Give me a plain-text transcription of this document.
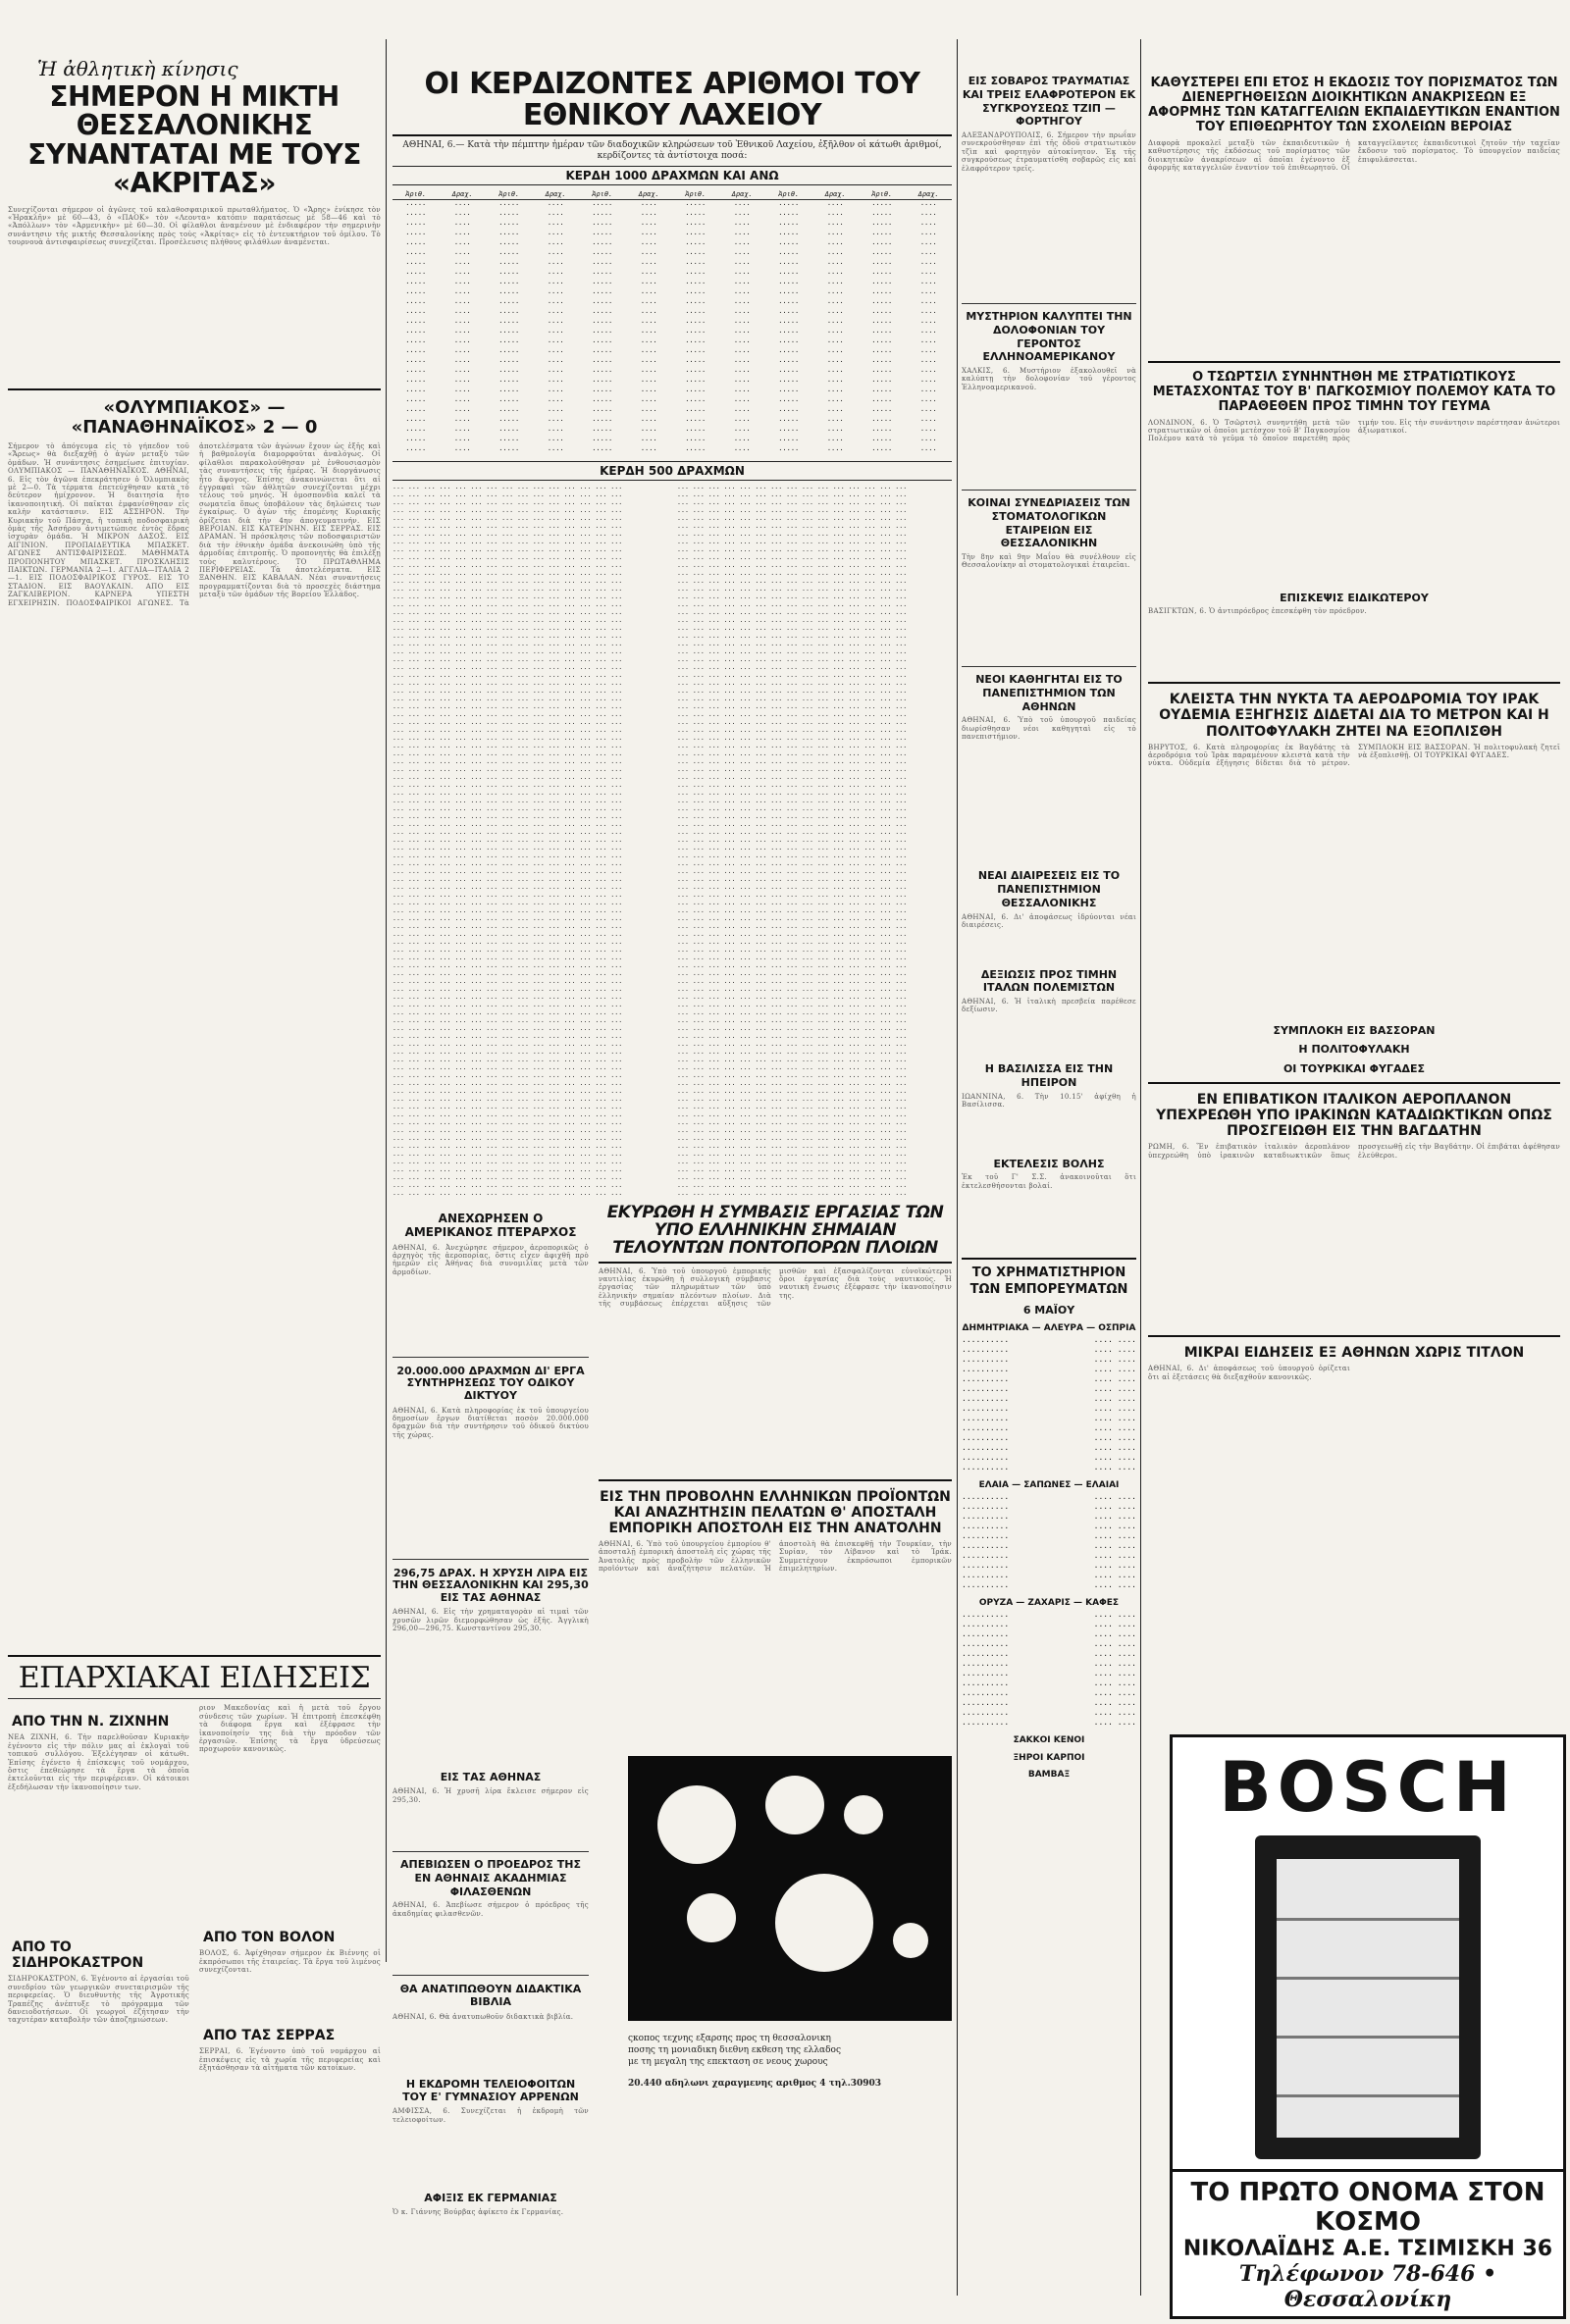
Ἡ ἀθλητικὴ κίνησις
ΣΗΜΕΡΟΝ Η ΜΙΚΤΗ ΘΕΣΣΑΛΟΝΙΚΗΣ ΣΥΝΑΝΤΑΤΑΙ ΜΕ ΤΟΥΣ «ΑΚΡΙΤΑΣ»
Συνεχίζονται σήμερον οἱ ἀγῶνες τοῦ καλαθοσφαιρικοῦ πρωταθλήματος. Ὁ «Ἄρης» ἐνίκησε τὸν «Ἡρακλῆν» μὲ 60—43, ὁ «ΠΑΟΚ» τὸν «Λεοντα» κατόπιν παρατάσεως μὲ 58—46 καὶ τὸ «Ἀπόλλων» τὸν «Ἀρμενικὴν» μὲ 60—30. Οἱ φίλαθλοι ἀναμένουν μὲ ἐνδιαφέρον τὴν σημερινὴν συνάντησιν τῆς μικτῆς Θεσσαλονίκης πρὸς τοὺς «Ἀκρίτας» εἰς τὸ ἐντευκτήριον τοῦ ὁμίλου. Τὸ τουρνουὰ ἀντισφαιρίσεως συνεχίζεται. Προσέλευσις πλήθους φιλάθλων ἀναμένεται.
«ΟΛΥΜΠΙΑΚΟΣ» — «ΠΑΝΑΘΗΝΑΪΚΟΣ» 2 — 0
Σήμερον τὸ ἀπόγευμα εἰς τὸ γήπεδον τοῦ «Ἄρεως» θὰ διεξαχθῇ ὁ ἀγὼν μεταξὺ τῶν ὁμάδων. Ἡ συνάντησις ἐσημείωσε ἐπιτυχίαν. ΟΛΥΜΠΙΑΚΟΣ — ΠΑΝΑΘΗΝΑΪΚΟΣ. ΑΘΗΝΑΙ, 6. Εἰς τὸν ἀγῶνα ἐπεκράτησεν ὁ Ὀλυμπιακὸς μὲ 2—0. Τὰ τέρματα ἐπετεύχθησαν κατὰ τὸ δεύτερον ἡμίχρονον. Ἡ διαιτησία ἦτο ἱκανοποιητική. Οἱ παῖκται ἐμφανίσθησαν εἰς καλὴν κατάστασιν. ΕΙΣ ΑΣΣΗΡΟΝ. Τὴν Κυριακὴν τοῦ Πάσχα, ἡ τοπικὴ ποδοσφαιρικὴ ὁμὰς τῆς Ἀσσήρου ἀντιμετώπισε ἐντὸς ἕδρας ἰσχυρὰν ὁμάδα. Ἡ ΜΙΚΡΟΝ ΔΑΣΟΣ. ΕΙΣ ΑΙΓΙΝΙΟΝ. ΠΡΟΠΑΙΔΕΥΤΙΚΑ ΜΠΑΣΚΕΤ. ΑΓΩΝΕΣ ΑΝΤΙΣΦΑΙΡΙΣΕΩΣ. ΜΑΘΗΜΑΤΑ ΠΡΟΠΟΝΗΤΟΥ ΜΠΑΣΚΕΤ. ΠΡΟΣΚΛΗΣΙΣ ΠΑΙΚΤΩΝ. ΓΕΡΜΑΝΙΑ 2—1. ΑΓΓΛΙΑ—ΙΤΑΛΙΑ 2—1. ΕΙΣ ΠΟΔΟΣΦΑΙΡΙΚΟΣ ΓΥΡΟΣ. ΕΙΣ ΤΟ ΣΤΑΔΙΟΝ. ΕΙΣ ΒΑΟΥΛΚΛΙΝ. ΑΠΟ ΕΙΣ ΖΑΓΚΛΙΒΕΡΙΟΝ. ΚΑΡΝΕΡΑ ΥΠΕΣΤΗ ΕΓΧΕΙΡΗΣΙΝ. ΠΟΔΟΣΦΑΙΡΙΚΟΙ ΑΓΩΝΕΣ. Τὰ ἀποτελέσματα τῶν ἀγώνων ἔχουν ὡς ἑξῆς καὶ ἡ βαθμολογία διαμορφοῦται ἀναλόγως. Οἱ φίλαθλοι παρακολούθησαν μὲ ἐνθουσιασμὸν τὰς συναντήσεις τῆς ἡμέρας. Ἡ διοργάνωσις ἦτο ἄψογος. Ἐπίσης ἀνακοινώνεται ὅτι αἱ ἐγγραφαὶ τῶν ἀθλητῶν συνεχίζονται μέχρι τέλους τοῦ μηνός. Ἡ ὁμοσπονδία καλεῖ τὰ σωματεῖα ὅπως ὑποβάλουν τὰς δηλώσεις των ἐγκαίρως. Ὁ ἀγὼν τῆς ἐπομένης Κυριακῆς ὁρίζεται διὰ τὴν 4ην ἀπογευματινήν. ΕΙΣ ΒΕΡΟΙΑΝ. ΕΙΣ ΚΑΤΕΡΙΝΗΝ. ΕΙΣ ΣΕΡΡΑΣ. ΕΙΣ ΔΡΑΜΑΝ. Ἡ πρόσκλησις τῶν ποδοσφαιριστῶν διὰ τὴν ἐθνικὴν ὁμάδα ἀνεκοινώθη ὑπὸ τῆς ἁρμοδίας ἐπιτροπῆς. Ὁ προπονητὴς θὰ ἐπιλέξῃ τοὺς καλυτέρους. ΤΟ ΠΡΩΤΑΘΛΗΜΑ ΠΕΡΙΦΕΡΕΙΑΣ. Τὰ ἀποτελέσματα. ΕΙΣ ΞΑΝΘΗΝ. ΕΙΣ ΚΑΒΑΛΑΝ. Νέαι συναντήσεις προγραμματίζονται διὰ τὸ προσεχὲς διάστημα μεταξὺ τῶν ὁμάδων τῆς Βορείου Ἑλλάδος.
ΕΠΑΡΧΙΑΚΑΙ ΕΙΔΗΣΕΙΣ
ΑΠΟ ΤΗΝ Ν. ΖΙΧΝΗΝ
ΝΕΑ ΖΙΧΝΗ, 6. Τὴν παρελθοῦσαν Κυριακὴν ἐγένοντο εἰς τὴν πόλιν μας αἱ ἐκλογαὶ τοῦ τοπικοῦ συλλόγου. Ἐξελέγησαν οἱ κάτωθι. Ἐπίσης ἐγένετο ἡ ἐπίσκεψις τοῦ νομάρχου, ὅστις ἐπεθεώρησε τὰ ἔργα τὰ ὁποῖα ἐκτελοῦνται εἰς τὴν περιφέρειαν. Οἱ κάτοικοι ἐξεδήλωσαν τὴν ἱκανοποίησιν των.
ΑΠΟ ΤΟ ΣΙΔΗΡΟΚΑΣΤΡΟΝ
ΣΙΔΗΡΟΚΑΣΤΡΟΝ, 6. Ἐγένοντο αἱ ἐργασίαι τοῦ συνεδρίου τῶν γεωργικῶν συνεταιρισμῶν τῆς περιφερείας. Ὁ διευθυντὴς τῆς Ἀγροτικῆς Τραπέζης ἀνέπτυξε τὸ πρόγραμμα τῶν δανειοδοτήσεων. Οἱ γεωργοὶ ἐζήτησαν τὴν ταχυτέραν καταβολὴν τῶν ἀποζημιώσεων.
ριον Μακεδονίας καὶ ἡ μετὰ τοῦ ἔργου σύνδεσις τῶν χωρίων. Ἡ ἐπιτροπὴ ἐπεσκέφθη τὰ διάφορα ἔργα καὶ ἐξέφρασε τὴν ἱκανοποίησίν της διὰ τὴν πρόοδον τῶν ἐργασιῶν. Ἐπίσης τὰ ἔργα ὑδρεύσεως προχωροῦν κανονικῶς.
ΑΠΟ ΤΟΝ ΒΟΛΟΝ
ΒΟΛΟΣ, 6. Ἀφίχθησαν σήμερον ἐκ Βιέννης οἱ ἐκπρόσωποι τῆς ἑταιρείας. Τὰ ἔργα τοῦ λιμένος συνεχίζονται.
ΑΠΟ ΤΑΣ ΣΕΡΡΑΣ
ΣΕΡΡΑΙ, 6. Ἐγένοντο ὑπὸ τοῦ νομάρχου αἱ ἐπισκέψεις εἰς τὰ χωρία τῆς περιφερείας καὶ ἐξητάσθησαν τὰ αἰτήματα τῶν κατοίκων.
ΟΙ ΚΕΡΔΙΖΟΝΤΕΣ ΑΡΙΘΜΟΙ ΤΟΥ ΕΘΝΙΚΟΥ ΛΑΧΕΙΟΥ
ΑΘΗΝΑΙ, 6.— Κατὰ τὴν πέμπτην ἡμέραν τῶν διαδοχικῶν κληρώσεων τοῦ Ἐθνικοῦ Λαχείου, ἐξῆλθον οἱ κάτωθι ἀριθμοί, κερδίζοντες τὰ ἀντίστοιχα ποσά:
ΚΕΡΔΗ 1000 ΔΡΑΧΜΩΝ ΚΑΙ ΑΝΩ
Ἀριθ.	Δραχ.	Ἀριθ.	Δραχ.	Ἀριθ.	Δραχ.	Ἀριθ.	Δραχ.	Ἀριθ.	Δραχ.	Ἀριθ.	Δραχ.
·····	····	·····	····	·····	····	·····	····	·····	····	·····	····
·····	····	·····	····	·····	····	·····	····	·····	····	·····	····
·····	····	·····	····	·····	····	·····	····	·····	····	·····	····
·····	····	·····	····	·····	····	·····	····	·····	····	·····	····
·····	····	·····	····	·····	····	·····	····	·····	····	·····	····
·····	····	·····	····	·····	····	·····	····	·····	····	·····	····
·····	····	·····	····	·····	····	·····	····	·····	····	·····	····
·····	····	·····	····	·····	····	·····	····	·····	····	·····	····
·····	····	·····	····	·····	····	·····	····	·····	····	·····	····
·····	····	·····	····	·····	····	·····	····	·····	····	·····	····
·····	····	·····	····	·····	····	·····	····	·····	····	·····	····
·····	····	·····	····	·····	····	·····	····	·····	····	·····	····
·····	····	·····	····	·····	····	·····	····	·····	····	·····	····
·····	····	·····	····	·····	····	·····	····	·····	····	·····	····
·····	····	·····	····	·····	····	·····	····	·····	····	·····	····
·····	····	·····	····	·····	····	·····	····	·····	····	·····	····
·····	····	·····	····	·····	····	·····	····	·····	····	·····	····
·····	····	·····	····	·····	····	·····	····	·····	····	·····	····
·····	····	·····	····	·····	····	·····	····	·····	····	·····	····
·····	····	·····	····	·····	····	·····	····	·····	····	·····	····
·····	····	·····	····	·····	····	·····	····	·····	····	·····	····
·····	····	·····	····	·····	····	·····	····	·····	····	·····	····
·····	····	·····	····	·····	····	·····	····	·····	····	·····	····
·····	····	·····	····	·····	····	·····	····	·····	····	·····	····
·····	····	·····	····	·····	····	·····	····	·····	····	·····	····
·····	····	·····	····	·····	····	·····	····	·····	····	·····	····
ΚΕΡΔΗ 500 ΔΡΑΧΜΩΝ
··· ··· ··· ··· ··· ··· ··· ··· ··· ··· ··· ··· ··· ··· ···
··· ··· ··· ··· ··· ··· ··· ··· ··· ··· ··· ··· ··· ··· ···
··· ··· ··· ··· ··· ··· ··· ··· ··· ··· ··· ··· ··· ··· ···
··· ··· ··· ··· ··· ··· ··· ··· ··· ··· ··· ··· ··· ··· ···
··· ··· ··· ··· ··· ··· ··· ··· ··· ··· ··· ··· ··· ··· ···
··· ··· ··· ··· ··· ··· ··· ··· ··· ··· ··· ··· ··· ··· ···
··· ··· ··· ··· ··· ··· ··· ··· ··· ··· ··· ··· ··· ··· ···
··· ··· ··· ··· ··· ··· ··· ··· ··· ··· ··· ··· ··· ··· ···
··· ··· ··· ··· ··· ··· ··· ··· ··· ··· ··· ··· ··· ··· ···
··· ··· ··· ··· ··· ··· ··· ··· ··· ··· ··· ··· ··· ··· ···
··· ··· ··· ··· ··· ··· ··· ··· ··· ··· ··· ··· ··· ··· ···
··· ··· ··· ··· ··· ··· ··· ··· ··· ··· ··· ··· ··· ··· ···
··· ··· ··· ··· ··· ··· ··· ··· ··· ··· ··· ··· ··· ··· ···
··· ··· ··· ··· ··· ··· ··· ··· ··· ··· ··· ··· ··· ··· ···
··· ··· ··· ··· ··· ··· ··· ··· ··· ··· ··· ··· ··· ··· ···
··· ··· ··· ··· ··· ··· ··· ··· ··· ··· ··· ··· ··· ··· ···
··· ··· ··· ··· ··· ··· ··· ··· ··· ··· ··· ··· ··· ··· ···
··· ··· ··· ··· ··· ··· ··· ··· ··· ··· ··· ··· ··· ··· ···
··· ··· ··· ··· ··· ··· ··· ··· ··· ··· ··· ··· ··· ··· ···
··· ··· ··· ··· ··· ··· ··· ··· ··· ··· ··· ··· ··· ··· ···
··· ··· ··· ··· ··· ··· ··· ··· ··· ··· ··· ··· ··· ··· ···
··· ··· ··· ··· ··· ··· ··· ··· ··· ··· ··· ··· ··· ··· ···
··· ··· ··· ··· ··· ··· ··· ··· ··· ··· ··· ··· ··· ··· ···
··· ··· ··· ··· ··· ··· ··· ··· ··· ··· ··· ··· ··· ··· ···
··· ··· ··· ··· ··· ··· ··· ··· ··· ··· ··· ··· ··· ··· ···
··· ··· ··· ··· ··· ··· ··· ··· ··· ··· ··· ··· ··· ··· ···
··· ··· ··· ··· ··· ··· ··· ··· ··· ··· ··· ··· ··· ··· ···
··· ··· ··· ··· ··· ··· ··· ··· ··· ··· ··· ··· ··· ··· ···
··· ··· ··· ··· ··· ··· ··· ··· ··· ··· ··· ··· ··· ··· ···
··· ··· ··· ··· ··· ··· ··· ··· ··· ··· ··· ··· ··· ··· ···
··· ··· ··· ··· ··· ··· ··· ··· ··· ··· ··· ··· ··· ··· ···
··· ··· ··· ··· ··· ··· ··· ··· ··· ··· ··· ··· ··· ··· ···
··· ··· ··· ··· ··· ··· ··· ··· ··· ··· ··· ··· ··· ··· ···
··· ··· ··· ··· ··· ··· ··· ··· ··· ··· ··· ··· ··· ··· ···
··· ··· ··· ··· ··· ··· ··· ··· ··· ··· ··· ··· ··· ··· ···
··· ··· ··· ··· ··· ··· ··· ··· ··· ··· ··· ··· ··· ··· ···
··· ··· ··· ··· ··· ··· ··· ··· ··· ··· ··· ··· ··· ··· ···
··· ··· ··· ··· ··· ··· ··· ··· ··· ··· ··· ··· ··· ··· ···
··· ··· ··· ··· ··· ··· ··· ··· ··· ··· ··· ··· ··· ··· ···
··· ··· ··· ··· ··· ··· ··· ··· ··· ··· ··· ··· ··· ··· ···
··· ··· ··· ··· ··· ··· ··· ··· ··· ··· ··· ··· ··· ··· ···
··· ··· ··· ··· ··· ··· ··· ··· ··· ··· ··· ··· ··· ··· ···
··· ··· ··· ··· ··· ··· ··· ··· ··· ··· ··· ··· ··· ··· ···
··· ··· ··· ··· ··· ··· ··· ··· ··· ··· ··· ··· ··· ··· ···
··· ··· ··· ··· ··· ··· ··· ··· ··· ··· ··· ··· ··· ··· ···
··· ··· ··· ··· ··· ··· ··· ··· ··· ··· ··· ··· ··· ··· ···
··· ··· ··· ··· ··· ··· ··· ··· ··· ··· ··· ··· ··· ··· ···
··· ··· ··· ··· ··· ··· ··· ··· ··· ··· ··· ··· ··· ··· ···
··· ··· ··· ··· ··· ··· ··· ··· ··· ··· ··· ··· ··· ··· ···
··· ··· ··· ··· ··· ··· ··· ··· ··· ··· ··· ··· ··· ··· ···
··· ··· ··· ··· ··· ··· ··· ··· ··· ··· ··· ··· ··· ··· ···
··· ··· ··· ··· ··· ··· ··· ··· ··· ··· ··· ··· ··· ··· ···
··· ··· ··· ··· ··· ··· ··· ··· ··· ··· ··· ··· ··· ··· ···
··· ··· ··· ··· ··· ··· ··· ··· ··· ··· ··· ··· ··· ··· ···
··· ··· ··· ··· ··· ··· ··· ··· ··· ··· ··· ··· ··· ··· ···
··· ··· ··· ··· ··· ··· ··· ··· ··· ··· ··· ··· ··· ··· ···
··· ··· ··· ··· ··· ··· ··· ··· ··· ··· ··· ··· ··· ··· ···
··· ··· ··· ··· ··· ··· ··· ··· ··· ··· ··· ··· ··· ··· ···
··· ··· ··· ··· ··· ··· ··· ··· ··· ··· ··· ··· ··· ··· ···
··· ··· ··· ··· ··· ··· ··· ··· ··· ··· ··· ··· ··· ··· ···
··· ··· ··· ··· ··· ··· ··· ··· ··· ··· ··· ··· ··· ··· ···
··· ··· ··· ··· ··· ··· ··· ··· ··· ··· ··· ··· ··· ··· ···
··· ··· ··· ··· ··· ··· ··· ··· ··· ··· ··· ··· ··· ··· ···
··· ··· ··· ··· ··· ··· ··· ··· ··· ··· ··· ··· ··· ··· ···
··· ··· ··· ··· ··· ··· ··· ··· ··· ··· ··· ··· ··· ··· ···
··· ··· ··· ··· ··· ··· ··· ··· ··· ··· ··· ··· ··· ··· ···
··· ··· ··· ··· ··· ··· ··· ··· ··· ··· ··· ··· ··· ··· ···
··· ··· ··· ··· ··· ··· ··· ··· ··· ··· ··· ··· ··· ··· ···
··· ··· ··· ··· ··· ··· ··· ··· ··· ··· ··· ··· ··· ··· ···
··· ··· ··· ··· ··· ··· ··· ··· ··· ··· ··· ··· ··· ··· ···
··· ··· ··· ··· ··· ··· ··· ··· ··· ··· ··· ··· ··· ··· ···
··· ··· ··· ··· ··· ··· ··· ··· ··· ··· ··· ··· ··· ··· ···
··· ··· ··· ··· ··· ··· ··· ··· ··· ··· ··· ··· ··· ··· ···
··· ··· ··· ··· ··· ··· ··· ··· ··· ··· ··· ··· ··· ··· ···
··· ··· ··· ··· ··· ··· ··· ··· ··· ··· ··· ··· ··· ··· ···
··· ··· ··· ··· ··· ··· ··· ··· ··· ··· ··· ··· ··· ··· ···
··· ··· ··· ··· ··· ··· ··· ··· ··· ··· ··· ··· ··· ··· ···
··· ··· ··· ··· ··· ··· ··· ··· ··· ··· ··· ··· ··· ··· ···
··· ··· ··· ··· ··· ··· ··· ··· ··· ··· ··· ··· ··· ··· ···
··· ··· ··· ··· ··· ··· ··· ··· ··· ··· ··· ··· ··· ··· ···
··· ··· ··· ··· ··· ··· ··· ··· ··· ··· ··· ··· ··· ··· ···
··· ··· ··· ··· ··· ··· ··· ··· ··· ··· ··· ··· ··· ··· ···
··· ··· ··· ··· ··· ··· ··· ··· ··· ··· ··· ··· ··· ··· ···
··· ··· ··· ··· ··· ··· ··· ··· ··· ··· ··· ··· ··· ··· ···
··· ··· ··· ··· ··· ··· ··· ··· ··· ··· ··· ··· ··· ··· ···
··· ··· ··· ··· ··· ··· ··· ··· ··· ··· ··· ··· ··· ··· ···
··· ··· ··· ··· ··· ··· ··· ··· ··· ··· ··· ··· ··· ··· ···
··· ··· ··· ··· ··· ··· ··· ··· ··· ··· ··· ··· ··· ··· ···
··· ··· ··· ··· ··· ··· ··· ··· ··· ··· ··· ··· ··· ··· ···
··· ··· ··· ··· ··· ··· ··· ··· ··· ··· ··· ··· ··· ··· ···
··· ··· ··· ··· ··· ··· ··· ··· ··· ··· ··· ··· ··· ··· ···

··· ··· ··· ··· ··· ··· ··· ··· ··· ··· ··· ··· ··· ··· ···
··· ··· ··· ··· ··· ··· ··· ··· ··· ··· ··· ··· ··· ··· ···
··· ··· ··· ··· ··· ··· ··· ··· ··· ··· ··· ··· ··· ··· ···
··· ··· ··· ··· ··· ··· ··· ··· ··· ··· ··· ··· ··· ··· ···
··· ··· ··· ··· ··· ··· ··· ··· ··· ··· ··· ··· ··· ··· ···
··· ··· ··· ··· ··· ··· ··· ··· ··· ··· ··· ··· ··· ··· ···
··· ··· ··· ··· ··· ··· ··· ··· ··· ··· ··· ··· ··· ··· ···
··· ··· ··· ··· ··· ··· ··· ··· ··· ··· ··· ··· ··· ··· ···
··· ··· ··· ··· ··· ··· ··· ··· ··· ··· ··· ··· ··· ··· ···
··· ··· ··· ··· ··· ··· ··· ··· ··· ··· ··· ··· ··· ··· ···
··· ··· ··· ··· ··· ··· ··· ··· ··· ··· ··· ··· ··· ··· ···
··· ··· ··· ··· ··· ··· ··· ··· ··· ··· ··· ··· ··· ··· ···
··· ··· ··· ··· ··· ··· ··· ··· ··· ··· ··· ··· ··· ··· ···
··· ··· ··· ··· ··· ··· ··· ··· ··· ··· ··· ··· ··· ··· ···
··· ··· ··· ··· ··· ··· ··· ··· ··· ··· ··· ··· ··· ··· ···
··· ··· ··· ··· ··· ··· ··· ··· ··· ··· ··· ··· ··· ··· ···
··· ··· ··· ··· ··· ··· ··· ··· ··· ··· ··· ··· ··· ··· ···
··· ··· ··· ··· ··· ··· ··· ··· ··· ··· ··· ··· ··· ··· ···
··· ··· ··· ··· ··· ··· ··· ··· ··· ··· ··· ··· ··· ··· ···
··· ··· ··· ··· ··· ··· ··· ··· ··· ··· ··· ··· ··· ··· ···
··· ··· ··· ··· ··· ··· ··· ··· ··· ··· ··· ··· ··· ··· ···
··· ··· ··· ··· ··· ··· ··· ··· ··· ··· ··· ··· ··· ··· ···
··· ··· ··· ··· ··· ··· ··· ··· ··· ··· ··· ··· ··· ··· ···
··· ··· ··· ··· ··· ··· ··· ··· ··· ··· ··· ··· ··· ··· ···
··· ··· ··· ··· ··· ··· ··· ··· ··· ··· ··· ··· ··· ··· ···
··· ··· ··· ··· ··· ··· ··· ··· ··· ··· ··· ··· ··· ··· ···
··· ··· ··· ··· ··· ··· ··· ··· ··· ··· ··· ··· ··· ··· ···
··· ··· ··· ··· ··· ··· ··· ··· ··· ··· ··· ··· ··· ··· ···
··· ··· ··· ··· ··· ··· ··· ··· ··· ··· ··· ··· ··· ··· ···
··· ··· ··· ··· ··· ··· ··· ··· ··· ··· ··· ··· ··· ··· ···
··· ··· ··· ··· ··· ··· ··· ··· ··· ··· ··· ··· ··· ··· ···
··· ··· ··· ··· ··· ··· ··· ··· ··· ··· ··· ··· ··· ··· ···
··· ··· ··· ··· ··· ··· ··· ··· ··· ··· ··· ··· ··· ··· ···
··· ··· ··· ··· ··· ··· ··· ··· ··· ··· ··· ··· ··· ··· ···
··· ··· ··· ··· ··· ··· ··· ··· ··· ··· ··· ··· ··· ··· ···
··· ··· ··· ··· ··· ··· ··· ··· ··· ··· ··· ··· ··· ··· ···
··· ··· ··· ··· ··· ··· ··· ··· ··· ··· ··· ··· ··· ··· ···
··· ··· ··· ··· ··· ··· ··· ··· ··· ··· ··· ··· ··· ··· ···
··· ··· ··· ··· ··· ··· ··· ··· ··· ··· ··· ··· ··· ··· ···
··· ··· ··· ··· ··· ··· ··· ··· ··· ··· ··· ··· ··· ··· ···
··· ··· ··· ··· ··· ··· ··· ··· ··· ··· ··· ··· ··· ··· ···
··· ··· ··· ··· ··· ··· ··· ··· ··· ··· ··· ··· ··· ··· ···
··· ··· ··· ··· ··· ··· ··· ··· ··· ··· ··· ··· ··· ··· ···
··· ··· ··· ··· ··· ··· ··· ··· ··· ··· ··· ··· ··· ··· ···
··· ··· ··· ··· ··· ··· ··· ··· ··· ··· ··· ··· ··· ··· ···
··· ··· ··· ··· ··· ··· ··· ··· ··· ··· ··· ··· ··· ··· ···
··· ··· ··· ··· ··· ··· ··· ··· ··· ··· ··· ··· ··· ··· ···
··· ··· ··· ··· ··· ··· ··· ··· ··· ··· ··· ··· ··· ··· ···
··· ··· ··· ··· ··· ··· ··· ··· ··· ··· ··· ··· ··· ··· ···
··· ··· ··· ··· ··· ··· ··· ··· ··· ··· ··· ··· ··· ··· ···
··· ··· ··· ··· ··· ··· ··· ··· ··· ··· ··· ··· ··· ··· ···
··· ··· ··· ··· ··· ··· ··· ··· ··· ··· ··· ··· ··· ··· ···
··· ··· ··· ··· ··· ··· ··· ··· ··· ··· ··· ··· ··· ··· ···
··· ··· ··· ··· ··· ··· ··· ··· ··· ··· ··· ··· ··· ··· ···
··· ··· ··· ··· ··· ··· ··· ··· ··· ··· ··· ··· ··· ··· ···
··· ··· ··· ··· ··· ··· ··· ··· ··· ··· ··· ··· ··· ··· ···
··· ··· ··· ··· ··· ··· ··· ··· ··· ··· ··· ··· ··· ··· ···
··· ··· ··· ··· ··· ··· ··· ··· ··· ··· ··· ··· ··· ··· ···
··· ··· ··· ··· ··· ··· ··· ··· ··· ··· ··· ··· ··· ··· ···
··· ··· ··· ··· ··· ··· ··· ··· ··· ··· ··· ··· ··· ··· ···
··· ··· ··· ··· ··· ··· ··· ··· ··· ··· ··· ··· ··· ··· ···
··· ··· ··· ··· ··· ··· ··· ··· ··· ··· ··· ··· ··· ··· ···
··· ··· ··· ··· ··· ··· ··· ··· ··· ··· ··· ··· ··· ··· ···
··· ··· ··· ··· ··· ··· ··· ··· ··· ··· ··· ··· ··· ··· ···
··· ··· ··· ··· ··· ··· ··· ··· ··· ··· ··· ··· ··· ··· ···
··· ··· ··· ··· ··· ··· ··· ··· ··· ··· ··· ··· ··· ··· ···
··· ··· ··· ··· ··· ··· ··· ··· ··· ··· ··· ··· ··· ··· ···
··· ··· ··· ··· ··· ··· ··· ··· ··· ··· ··· ··· ··· ··· ···
··· ··· ··· ··· ··· ··· ··· ··· ··· ··· ··· ··· ··· ··· ···
··· ··· ··· ··· ··· ··· ··· ··· ··· ··· ··· ··· ··· ··· ···
··· ··· ··· ··· ··· ··· ··· ··· ··· ··· ··· ··· ··· ··· ···
··· ··· ··· ··· ··· ··· ··· ··· ··· ··· ··· ··· ··· ··· ···
··· ··· ··· ··· ··· ··· ··· ··· ··· ··· ··· ··· ··· ··· ···
··· ··· ··· ··· ··· ··· ··· ··· ··· ··· ··· ··· ··· ··· ···
··· ··· ··· ··· ··· ··· ··· ··· ··· ··· ··· ··· ··· ··· ···
··· ··· ··· ··· ··· ··· ··· ··· ··· ··· ··· ··· ··· ··· ···
··· ··· ··· ··· ··· ··· ··· ··· ··· ··· ··· ··· ··· ··· ···
··· ··· ··· ··· ··· ··· ··· ··· ··· ··· ··· ··· ··· ··· ···
··· ··· ··· ··· ··· ··· ··· ··· ··· ··· ··· ··· ··· ··· ···
··· ··· ··· ··· ··· ··· ··· ··· ··· ··· ··· ··· ··· ··· ···
··· ··· ··· ··· ··· ··· ··· ··· ··· ··· ··· ··· ··· ··· ···
··· ··· ··· ··· ··· ··· ··· ··· ··· ··· ··· ··· ··· ··· ···
··· ··· ··· ··· ··· ··· ··· ··· ··· ··· ··· ··· ··· ··· ···
··· ··· ··· ··· ··· ··· ··· ··· ··· ··· ··· ··· ··· ··· ···
··· ··· ··· ··· ··· ··· ··· ··· ··· ··· ··· ··· ··· ··· ···
··· ··· ··· ··· ··· ··· ··· ··· ··· ··· ··· ··· ··· ··· ···
··· ··· ··· ··· ··· ··· ··· ··· ··· ··· ··· ··· ··· ··· ···
··· ··· ··· ··· ··· ··· ··· ··· ··· ··· ··· ··· ··· ··· ···
··· ··· ··· ··· ··· ··· ··· ··· ··· ··· ··· ··· ··· ··· ···
··· ··· ··· ··· ··· ··· ··· ··· ··· ··· ··· ··· ··· ··· ···
··· ··· ··· ··· ··· ··· ··· ··· ··· ··· ··· ··· ··· ··· ···

ΑΝΕΧΩΡΗΣΕΝ Ο ΑΜΕΡΙΚΑΝΟΣ ΠΤΕΡΑΡΧΟΣ
ΑΘΗΝΑΙ, 6. Ἀνεχώρησε σήμερον ἀεροπορικῶς ὁ ἀρχηγὸς τῆς ἀεροπορίας, ὅστις εἶχεν ἀφιχθῆ πρὸ ἡμερῶν εἰς Ἀθήνας διὰ συνομιλίας μετὰ τῶν ἁρμοδίων.
20.000.000 ΔΡΑΧΜΩΝ ΔΙ' ΕΡΓΑ ΣΥΝΤΗΡΗΣΕΩΣ ΤΟΥ ΟΔΙΚΟΥ ΔΙΚΤΥΟΥ
ΑΘΗΝΑΙ, 6. Κατὰ πληροφορίας ἐκ τοῦ ὑπουργείου δημοσίων ἔργων διατίθεται ποσὸν 20.000.000 δραχμῶν διὰ τὴν συντήρησιν τοῦ ὁδικοῦ δικτύου τῆς χώρας.
296,75 ΔΡΑΧ. Η ΧΡΥΣΗ ΛΙΡΑ ΕΙΣ ΤΗΝ ΘΕΣΣΑΛΟΝΙΚΗΝ ΚΑΙ 295,30 ΕΙΣ ΤΑΣ ΑΘΗΝΑΣ
ΑΘΗΝΑΙ, 6. Εἰς τὴν χρηματαγορὰν αἱ τιμαὶ τῶν χρυσῶν λιρῶν διεμορφώθησαν ὡς ἑξῆς. Ἀγγλικὴ 296,00—296,75. Κωνσταντίνου 295,30.
ΕΙΣ ΤΑΣ ΑΘΗΝΑΣ
ΑΘΗΝΑΙ, 6. Ἡ χρυσῆ λίρα ἔκλεισε σήμερον εἰς 295,30.
ΑΠΕΒΙΩΣΕΝ Ο ΠΡΟΕΔΡΟΣ ΤΗΣ ΕΝ ΑΘΗΝΑΙΣ ΑΚΑΔΗΜΙΑΣ ΦΙΛΑΣΘΕΝΩΝ
ΑΘΗΝΑΙ, 6. Ἀπεβίωσε σήμερον ὁ πρόεδρος τῆς ἀκαδημίας φιλασθενῶν.
ΘΑ ΑΝΑΤΙΠΩΘΟΥΝ ΔΙΔΑΚΤΙΚΑ ΒΙΒΛΙΑ
ΑΘΗΝΑΙ, 6. Θὰ ἀνατυπωθοῦν διδακτικὰ βιβλία.
Η ΕΚΔΡΟΜΗ ΤΕΛΕΙΟΦΟΙΤΩΝ ΤΟΥ Ε' ΓΥΜΝΑΣΙΟΥ ΑΡΡΕΝΩΝ
ΑΜΦΙΣΣΑ, 6. Συνεχίζεται ἡ ἐκδρομὴ τῶν τελειοφοίτων.
ΑΦΙΞΙΣ ΕΚ ΓΕΡΜΑΝΙΑΣ
Ὁ κ. Γιάννης Βούρβας ἀφίκετο ἐκ Γερμανίας.
ΕΚΥΡΩΘΗ Η ΣΥΜΒΑΣΙΣ ΕΡΓΑΣΙΑΣ ΤΩΝ ΥΠΟ ΕΛΛΗΝΙΚΗΝ ΣΗΜΑΙΑΝ ΤΕΛΟΥΝΤΩΝ ΠΟΝΤΟΠΟΡΩΝ ΠΛΟΙΩΝ
ΑΘΗΝΑΙ, 6. Ὑπὸ τοῦ ὑπουργοῦ ἐμπορικῆς ναυτιλίας ἐκυρώθη ἡ συλλογικὴ σύμβασις ἐργασίας τῶν πληρωμάτων τῶν ὑπὸ ἑλληνικὴν σημαίαν πλεόντων πλοίων. Διὰ τῆς συμβάσεως ἐπέρχεται αὔξησις τῶν μισθῶν καὶ ἐξασφαλίζονται εὐνοϊκώτεροι ὅροι ἐργασίας διὰ τοὺς ναυτικούς. Ἡ ναυτικὴ ἕνωσις ἐξέφρασε τὴν ἱκανοποίησιν της.
ΕΙΣ ΤΗΝ ΠΡΟΒΟΛΗΝ ΕΛΛΗΝΙΚΩΝ ΠΡΟΪΟΝΤΩΝ ΚΑΙ ΑΝΑΖΗΤΗΣΙΝ ΠΕΛΑΤΩΝ Θ' ΑΠΟΣΤΑΛΗ ΕΜΠΟΡΙΚΗ ΑΠΟΣΤΟΛΗ ΕΙΣ ΤΗΝ ΑΝΑΤΟΛΗΝ
ΑΘΗΝΑΙ, 6. Ὑπὸ τοῦ ὑπουργείου ἐμπορίου θ' ἀποσταλῇ ἐμπορικὴ ἀποστολὴ εἰς χώρας τῆς Ἀνατολῆς πρὸς προβολὴν τῶν ἑλληνικῶν προϊόντων καὶ ἀναζήτησιν πελατῶν. Ἡ ἀποστολὴ θὰ ἐπισκεφθῇ τὴν Τουρκίαν, τὴν Συρίαν, τὸν Λίβανον καὶ τὸ Ἰράκ. Συμμετέχουν ἐκπρόσωποι ἐμπορικῶν ἐπιμελητηρίων.
ςκοπος τεχνης εξαρσης προς τη θεσσαλονικη
ποσης τη μονιαδικη διεθνη εκθεση της ελλαδος
με τη μεγαλη της επεκταση σε νεους χωρους
20.440 αδηλωνι χαραγμενης αριθμος 4 τηλ.30903
ΕΙΣ ΣΟΒΑΡΟΣ ΤΡΑΥΜΑΤΙΑΣ ΚΑΙ ΤΡΕΙΣ ΕΛΑΦΡΟΤΕΡΟΝ ΕΚ ΣΥΓΚΡΟΥΣΕΩΣ ΤΖΙΠ — ΦΟΡΤΗΓΟΥ
ΑΛΕΞΑΝΔΡΟΥΠΟΛΙΣ, 6. Σήμερον τὴν πρωΐαν συνεκρούσθησαν ἐπὶ τῆς ὁδοῦ στρατιωτικὸν τζὶπ καὶ φορτηγὸν αὐτοκίνητον. Ἐκ τῆς συγκρούσεως ἐτραυματίσθη σοβαρῶς εἷς καὶ ἐλαφρότερον τρεῖς.
ΜΥΣΤΗΡΙΟΝ ΚΑΛΥΠΤΕΙ ΤΗΝ ΔΟΛΟΦΟΝΙΑΝ ΤΟΥ ΓΕΡΟΝΤΟΣ ΕΛΛΗΝΟΑΜΕΡΙΚΑΝΟΥ
ΧΑΛΚΙΣ, 6. Μυστήριον ἐξακολουθεῖ νὰ καλύπτῃ τὴν δολοφονίαν τοῦ γέροντος Ἑλληνοαμερικανοῦ.
ΚΟΙΝΑΙ ΣΥΝΕΔΡΙΑΣΕΙΣ ΤΩΝ ΣΤΟΜΑΤΟΛΟΓΙΚΩΝ ΕΤΑΙΡΕΙΩΝ ΕΙΣ ΘΕΣΣΑΛΟΝΙΚΗΝ
Τὴν 8ην καὶ 9ην Μαΐου θὰ συνέλθουν εἰς Θεσσαλονίκην αἱ στοματολογικαὶ ἑταιρεῖαι.
ΝΕΟΙ ΚΑΘΗΓΗΤΑΙ ΕΙΣ ΤΟ ΠΑΝΕΠΙΣΤΗΜΙΟΝ ΤΩΝ ΑΘΗΝΩΝ
ΑΘΗΝΑΙ, 6. Ὑπὸ τοῦ ὑπουργοῦ παιδείας διωρίσθησαν νέοι καθηγηταὶ εἰς τὸ πανεπιστήμιον.
ΝΕΑΙ ΔΙΑΙΡΕΣΕΙΣ ΕΙΣ ΤΟ ΠΑΝΕΠΙΣΤΗΜΙΟΝ ΘΕΣΣΑΛΟΝΙΚΗΣ
ΑΘΗΝΑΙ, 6. Δι' ἀποφάσεως ἱδρύονται νέαι διαιρέσεις.
ΔΕΞΙΩΣΙΣ ΠΡΟΣ ΤΙΜΗΝ ΙΤΑΛΩΝ ΠΟΛΕΜΙΣΤΩΝ
ΑΘΗΝΑΙ, 6. Ἡ ἰταλικὴ πρεσβεία παρέθεσε δεξίωσιν.
Η ΒΑΣΙΛΙΣΣΑ ΕΙΣ ΤΗΝ ΗΠΕΙΡΟΝ
ΙΩΑΝΝΙΝΑ, 6. Τὴν 10.15' ἀφίχθη ἡ Βασίλισσα.
ΕΚΤΕΛΕΣΙΣ ΒΟΛΗΣ
Ἐκ τοῦ Γ' Σ.Σ. ἀνακοινοῦται ὅτι ἐκτελεσθήσονται βολαί.
ΤΟ ΧΡΗΜΑΤΙΣΤΗΡΙΟΝ ΤΩΝ ΕΜΠΟΡΕΥΜΑΤΩΝ
6 ΜΑΪΟΥ
ΔΗΜΗΤΡΙΑΚΑ — ΑΛΕΥΡΑ — ΟΣΠΡΙΑ
··········	···· ····
··········	···· ····
··········	···· ····
··········	···· ····
··········	···· ····
··········	···· ····
··········	···· ····
··········	···· ····
··········	···· ····
··········	···· ····
··········	···· ····
··········	···· ····
··········	···· ····
··········	···· ····
ΕΛΑΙΑ — ΣΑΠΩΝΕΣ — ΕΛΑΙΑΙ
··········	···· ····
··········	···· ····
··········	···· ····
··········	···· ····
··········	···· ····
··········	···· ····
··········	···· ····
··········	···· ····
··········	···· ····
··········	···· ····
ΟΡΥΖΑ — ΖΑΧΑΡΙΣ — ΚΑΦΕΣ
··········	···· ····
··········	···· ····
··········	···· ····
··········	···· ····
··········	···· ····
··········	···· ····
··········	···· ····
··········	···· ····
··········	···· ····
··········	···· ····
··········	···· ····
··········	···· ····
ΣΑΚΚΟΙ ΚΕΝΟΙ
ΞΗΡΟΙ ΚΑΡΠΟΙ
ΒΑΜΒΑΞ
ΚΑΘΥΣΤΕΡΕΙ ΕΠΙ ΕΤΟΣ Η ΕΚΔΟΣΙΣ ΤΟΥ ΠΟΡΙΣΜΑΤΟΣ ΤΩΝ ΔΙΕΝΕΡΓΗΘΕΙΣΩΝ ΔΙΟΙΚΗΤΙΚΩΝ ΑΝΑΚΡΙΣΕΩΝ ΕΞ ΑΦΟΡΜΗΣ ΤΩΝ ΚΑΤΑΓΓΕΛΙΩΝ ΕΚΠΑΙΔΕΥΤΙΚΩΝ ΕΝΑΝΤΙΟΝ ΤΟΥ ΕΠΙΘΕΩΡΗΤΟΥ ΤΩΝ ΣΧΟΛΕΙΩΝ ΒΕΡΟΙΑΣ
Διαφορὰ προκαλεῖ μεταξὺ τῶν ἐκπαιδευτικῶν ἡ καθυστέρησις τῆς ἐκδόσεως τοῦ πορίσματος τῶν διοικητικῶν ἀνακρίσεων αἱ ὁποῖαι ἐγένοντο ἐξ ἀφορμῆς καταγγελιῶν ἐναντίον τοῦ ἐπιθεωρητοῦ. Οἱ καταγγείλαντες ἐκπαιδευτικοὶ ζητοῦν τὴν ταχεῖαν ἔκδοσιν τοῦ πορίσματος. Τὸ ὑπουργεῖον παιδείας ἐπιφυλάσσεται.
Ο ΤΣΩΡΤΣΙΛ ΣΥΝΗΝΤΗΘΗ ΜΕ ΣΤΡΑΤΙΩΤΙΚΟΥΣ ΜΕΤΑΣΧΟΝΤΑΣ ΤΟΥ Β' ΠΑΓΚΟΣΜΙΟΥ ΠΟΛΕΜΟΥ ΚΑΤΑ ΤΟ ΠΑΡΑΘΕΘΕΝ ΠΡΟΣ ΤΙΜΗΝ ΤΟΥ ΓΕΥΜΑ
ΛΟΝΔΙΝΟΝ, 6. Ὁ Τσῶρτσιλ συνηντήθη μετὰ τῶν στρατιωτικῶν οἱ ὁποῖοι μετέσχον τοῦ Β' Παγκοσμίου Πολέμου κατὰ τὸ γεῦμα τὸ ὁποῖον παρετέθη πρὸς τιμήν του. Εἰς τὴν συνάντησιν παρέστησαν ἀνώτεροι ἀξιωματικοί.
ΕΠΙΣΚΕΨΙΣ ΕΙΔΙΚΩΤΕΡΟΥ
ΒΑΣΙΓΚΤΩΝ, 6. Ὁ ἀντιπρόεδρος ἐπεσκέφθη τὸν πρόεδρον.
ΚΛΕΙΣΤΑ ΤΗΝ ΝΥΚΤΑ ΤΑ ΑΕΡΟΔΡΟΜΙΑ ΤΟΥ ΙΡΑΚ ΟΥΔΕΜΙΑ ΕΞΗΓΗΣΙΣ ΔΙΔΕΤΑΙ ΔΙΑ ΤΟ ΜΕΤΡΟΝ ΚΑΙ Η ΠΟΛΙΤΟΦΥΛΑΚΗ ΖΗΤΕΙ ΝΑ ΕΞΟΠΛΙΣΘΗ
ΒΗΡΥΤΟΣ, 6. Κατὰ πληροφορίας ἐκ Βαγδάτης τὰ ἀεροδρόμια τοῦ Ἰρὰκ παραμένουν κλειστὰ κατὰ τὴν νύκτα. Οὐδεμία ἐξήγησις δίδεται διὰ τὸ μέτρον. ΣΥΜΠΛΟΚΗ ΕΙΣ ΒΑΣΣΟΡΑΝ. Ἡ πολιτοφυλακὴ ζητεῖ νὰ ἐξοπλισθῇ. ΟΙ ΤΟΥΡΚΙΚΑΙ ΦΥΓΑΔΕΣ.
ΣΥΜΠΛΟΚΗ ΕΙΣ ΒΑΣΣΟΡΑΝ
Η ΠΟΛΙΤΟΦΥΛΑΚΗ
ΟΙ ΤΟΥΡΚΙΚΑΙ ΦΥΓΑΔΕΣ
ΕΝ ΕΠΙΒΑΤΙΚΟΝ ΙΤΑΛΙΚΟΝ ΑΕΡΟΠΛΑΝΟΝ ΥΠΕΧΡΕΩΘΗ ΥΠΟ ΙΡΑΚΙΝΩΝ ΚΑΤΑΔΙΩΚΤΙΚΩΝ ΟΠΩΣ ΠΡΟΣΓΕΙΩΘΗ ΕΙΣ ΤΗΝ ΒΑΓΔΑΤΗΝ
ΡΩΜΗ, 6. Ἕν ἐπιβατικὸν ἰταλικὸν ἀεροπλάνον ὑπεχρεώθη ὑπὸ ἰρακινῶν καταδιωκτικῶν ὅπως προσγειωθῇ εἰς τὴν Βαγδάτην. Οἱ ἐπιβάται ἀφέθησαν ἐλεύθεροι.
ΜΙΚΡΑΙ ΕΙΔΗΣΕΙΣ ΕΞ ΑΘΗΝΩΝ ΧΩΡΙΣ ΤΙΤΛΟΝ
ΑΘΗΝΑΙ, 6. Δι' ἀποφάσεως τοῦ ὑπουργοῦ ὁρίζεται ὅτι αἱ ἐξετάσεις θὰ διεξαχθοῦν κανονικῶς.
BOSCH
ΤΟ ΠΡΩΤΟ ΟΝΟΜΑ ΣΤΟΝ ΚΟΣΜΟ
ΝΙΚΟΛΑΪΔΗΣ Α.Ε. ΤΣΙΜΙΣΚΗ 36
Τηλέφωνον 78-646 • Θεσσαλονίκη
